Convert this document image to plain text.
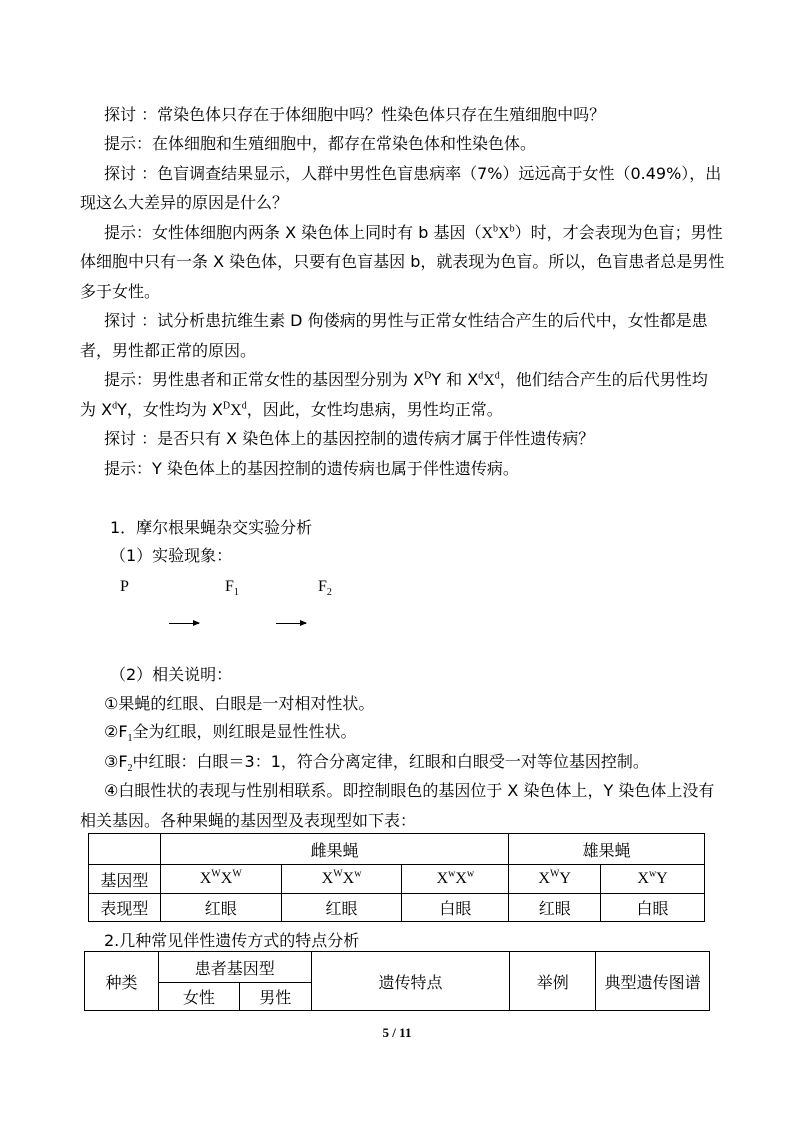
探讨 ：常染色体只存在于体细胞中吗？性染色体只存在生殖细胞中吗？
提示：在体细胞和生殖细胞中，都存在常染色体和性染色体。
探讨 ：色盲调查结果显示，人群中男性色盲患病率（7%）远远高于女性（0.49%），出
现这么大差异的原因是什么？
提示：女性体细胞内两条 X 染色体上同时有 b 基因$(X^bX^b)$时，才会表现为色盲；男性
体细胞中只有一条 X 染色体，只要有色盲基因 b，就表现为色盲。所以，色盲患者总是男性
多于女性。
探讨 ：试分析患抗维生素 D 佝偻病的男性与正常女性结合产生的后代中，女性都是患
者，男性都正常的原因。
提示：男性患者和正常女性的基因型分别为 $X^DY$ 和 $X^dX^d$，他们结合产生的后代男性均
为 $X^dY$，女性均为 $X^DX^d$，因此，女性均患病，男性均正常。
探讨 ：是否只有 X 染色体上的基因控制的遗传病才属于伴性遗传病？
提示：Y 染色体上的基因控制的遗传病也属于伴性遗传病。
1．摩尔根果蝇杂交实验分析
（1）实验现象：
P	$F_1$	$F_2$
（2）相关说明：
①果蝇的红眼、白眼是一对相对性状。
$②F_1$全为红眼，则红眼是显性性状。
$③F_2$中红眼：白眼＝3：1，符合分离定律，红眼和白眼受一对等位基因控制。
④白眼性状的表现与性别相联系。即控制眼色的基因位于 X 染色体上，Y 染色体上没有
相关基因。各种果蝇的基因型及表现型如下表：
	雌果蝇			雄果蝇	
基因型	$X^WX^W$	$X^WX^w$	$X^wX^w$	$X^WY$	$X^wY$
表现型	红眼	红眼	白眼	红眼	白眼
2.几种常见伴性遗传方式的特点分析
种类	患者基因型		遗传特点	举例	典型遗传图谱
	女性	男性			
5 / 11
